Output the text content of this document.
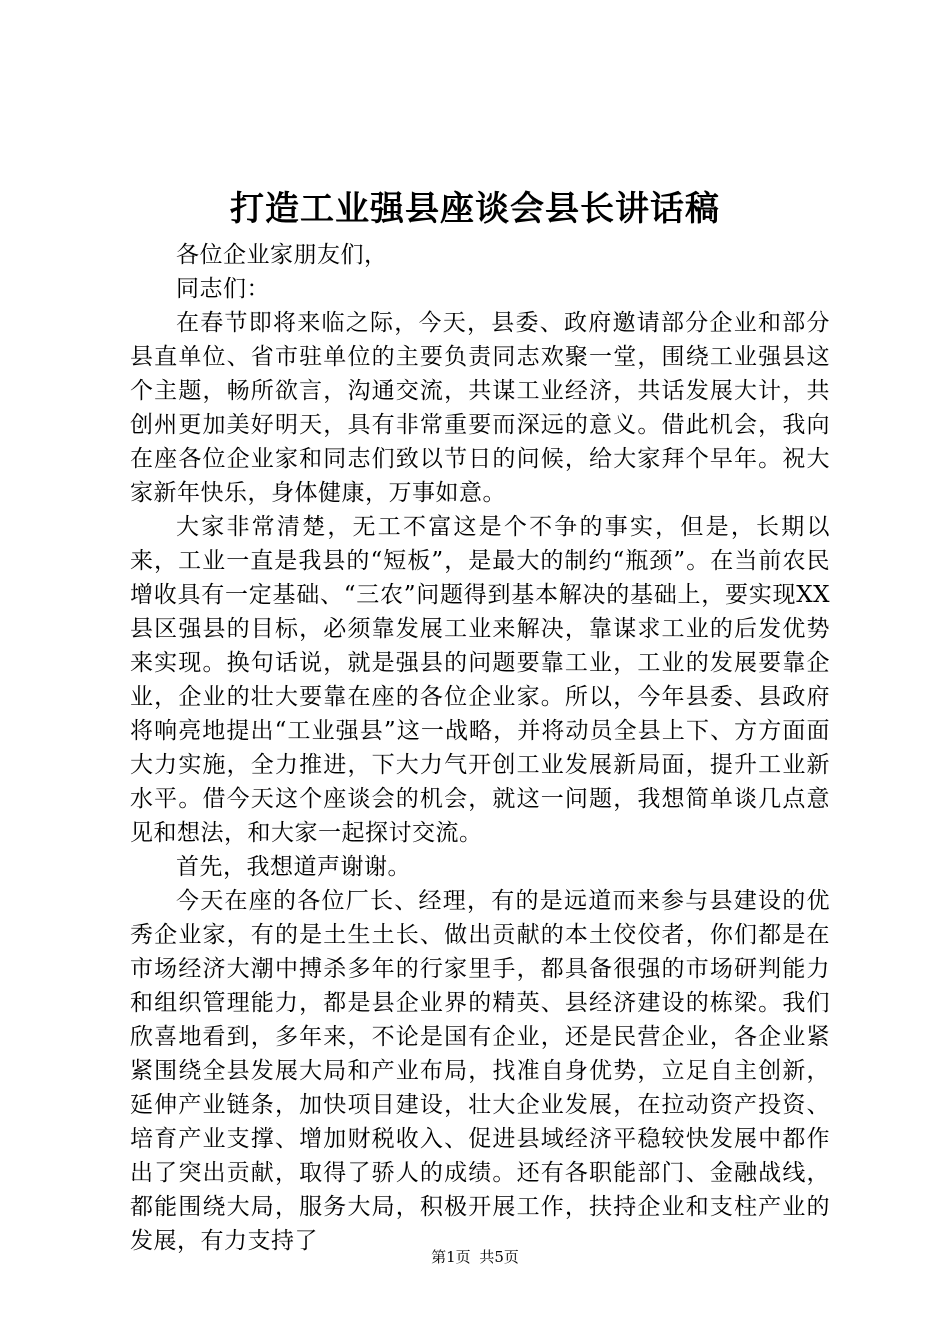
打造工业强县座谈会县长讲话稿

各位企业家朋友们，

同志们：

在春节即将来临之际，今天，县委、政府邀请部分企业和部分县直单位、省市驻单位的主要负责同志欢聚一堂，围绕工业强县这个主题，畅所欲言，沟通交流，共谋工业经济，共话发展大计，共创州更加美好明天，具有非常重要而深远的意义。借此机会，我向在座各位企业家和同志们致以节日的问候，给大家拜个早年。祝大家新年快乐，身体健康，万事如意。

大家非常清楚，无工不富这是个不争的事实，但是，长期以来，工业一直是我县的“短板”，是最大的制约“瓶颈”。在当前农民增收具有一定基础、“三农”问题得到基本解决的基础上，要实现XX县区强县的目标，必须靠发展工业来解决，靠谋求工业的后发优势来实现。换句话说，就是强县的问题要靠工业，工业的发展要靠企业，企业的壮大要靠在座的各位企业家。所以，今年县委、县政府将响亮地提出“工业强县”这一战略，并将动员全县上下、方方面面大力实施，全力推进，下大力气开创工业发展新局面，提升工业新水平。借今天这个座谈会的机会，就这一问题，我想简单谈几点意见和想法，和大家一起探讨交流。

首先，我想道声谢谢。

今天在座的各位厂长、经理，有的是远道而来参与县建设的优秀企业家，有的是土生土长、做出贡献的本土佼佼者，你们都是在市场经济大潮中搏杀多年的行家里手，都具备很强的市场研判能力和组织管理能力，都是县企业界的精英、县经济建设的栋梁。我们欣喜地看到，多年来，不论是国有企业，还是民营企业，各企业紧紧围绕全县发展大局和产业布局，找准自身优势，立足自主创新，延伸产业链条，加快项目建设，壮大企业发展，在拉动资产投资、培育产业支撑、增加财税收入、促进县域经济平稳较快发展中都作出了突出贡献，取得了骄人的成绩。还有各职能部门、金融战线，都能围绕大局，服务大局，积极开展工作，扶持企业和支柱产业的发展，有力支持了

第1页 共5页
